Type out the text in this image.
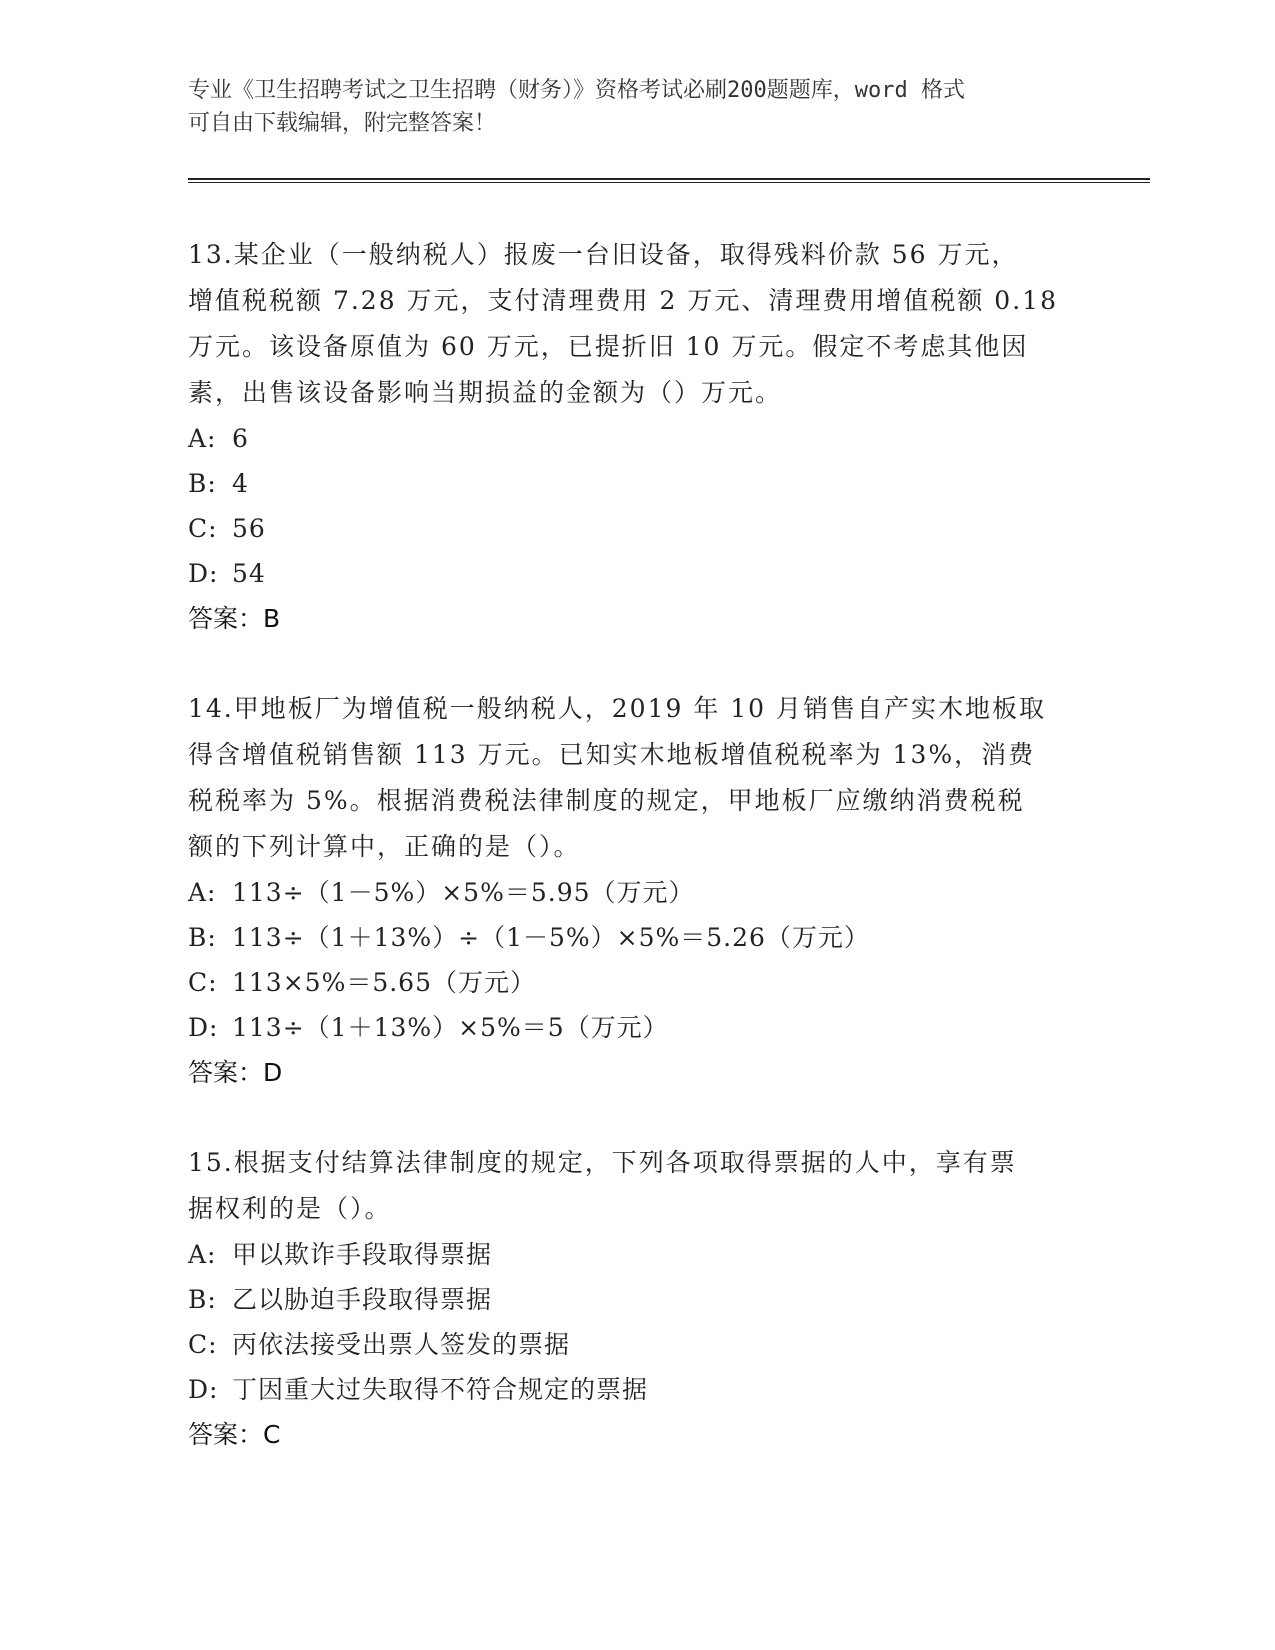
专业《卫生招聘考试之卫生招聘（财务）》资格考试必刷200题题库，word 格式
可自由下载编辑，附完整答案！

13.某企业（一般纳税人）报废一台旧设备，取得残料价款 56 万元，

增值税税额 7.28 万元，支付清理费用 2 万元、清理费用增值税额 0.18

万元。该设备原值为 60 万元，已提折旧 10 万元。假定不考虑其他因

素，出售该设备影响当期损益的金额为（）万元。

A: 6

B: 4

C: 56

D: 54

答案：B

14.甲地板厂为增值税一般纳税人，2019 年 10 月销售自产实木地板取

得含增值税销售额 113 万元。已知实木地板增值税税率为 13%，消费

税税率为 5%。根据消费税法律制度的规定，甲地板厂应缴纳消费税税

额的下列计算中，正确的是（）。

A: 113÷（1－5%）×5%＝5.95（万元）

B: 113÷（1＋13%）÷（1－5%）×5%＝5.26（万元）

C: 113×5%＝5.65（万元）

D: 113÷（1＋13%）×5%＝5（万元）

答案：D

15.根据支付结算法律制度的规定，下列各项取得票据的人中，享有票

据权利的是（）。

A: 甲以欺诈手段取得票据

B: 乙以胁迫手段取得票据

C: 丙依法接受出票人签发的票据

D: 丁因重大过失取得不符合规定的票据

答案：C
